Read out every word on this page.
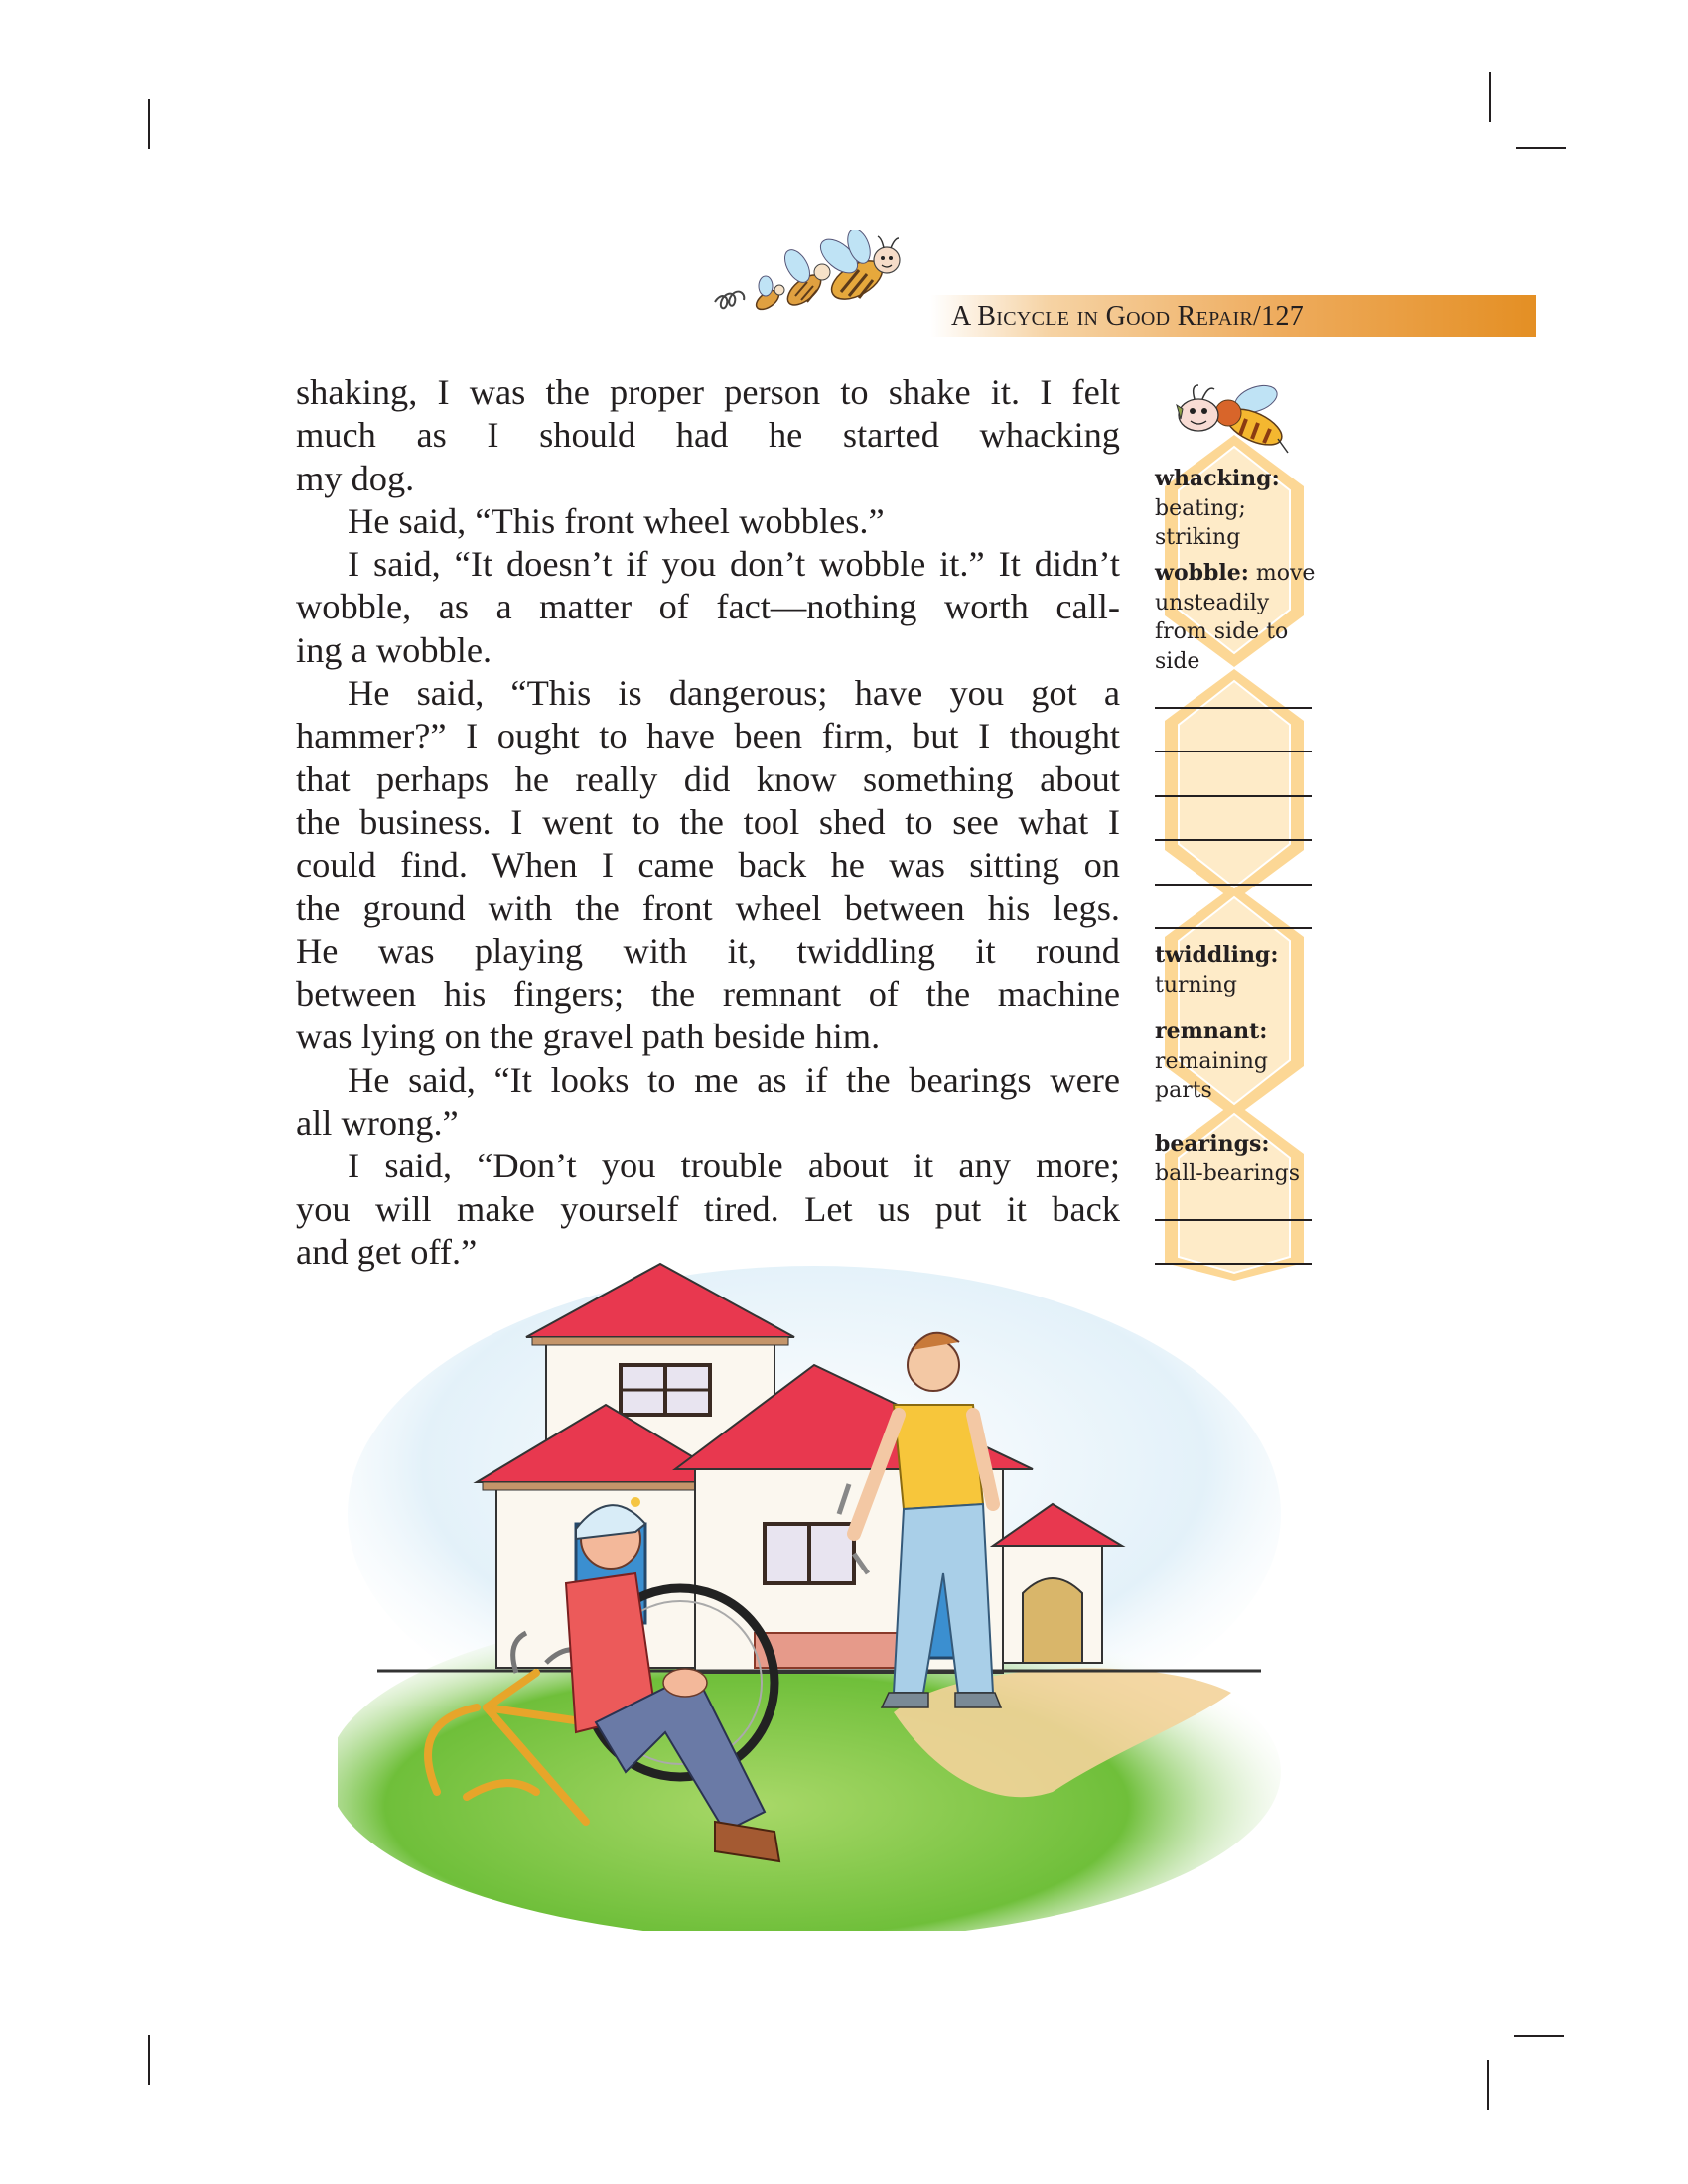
A Bicycle in Good Repair/127

shaking, I was the proper person to shake it. I felt
much as I should had he started whacking
my dog.

He said, “This front wheel wobbles.”

I said, “It doesn’t if you don’t wobble it.” It didn’t
wobble, as a matter of fact—nothing worth call-
ing a wobble.

He said, “This is dangerous; have you got a
hammer?” I ought to have been firm, but I thought
that perhaps he really did know something about
the business. I went to the tool shed to see what I
could find. When I came back he was sitting on
the ground with the front wheel between his legs.
He was playing with it, twiddling it round
between his fingers; the remnant of the machine
was lying on the gravel path beside him.

He said, “It looks to me as if the bearings were
all wrong.”

I said, “Don’t you trouble about it any more;
you will make yourself tired. Let us put it back
and get off.”

whacking:
beating;
striking
wobble: move
unsteadily
from side to
side
twiddling:
turning
remnant:
remaining
parts
bearings:
ball-bearings
